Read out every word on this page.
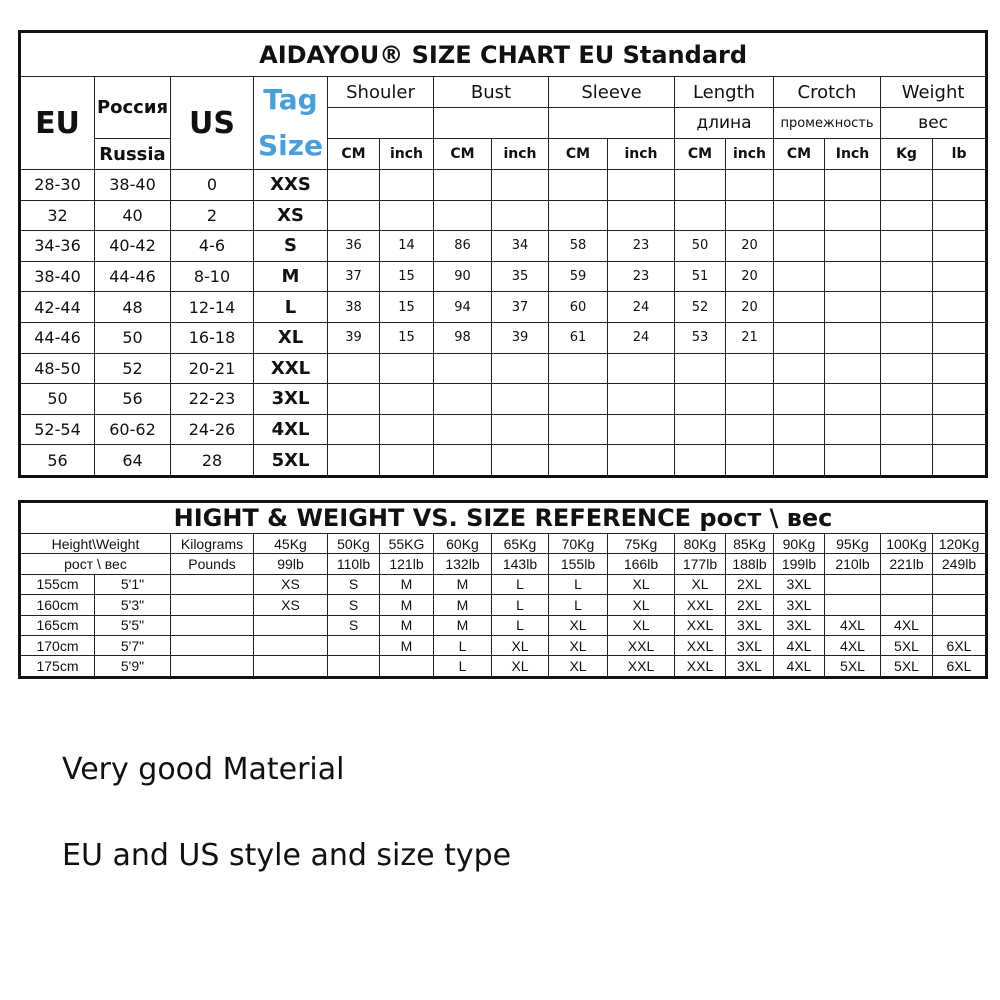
AIDAYOU® SIZE CHART EU Standard															
EU	Россия	US	Tag
Size	Shouler		Bust		Sleeve		Length		Crotch		Weight	
										длина		промежность		вес	
	Russia			CM	inch	CM	inch	CM	inch	CM	inch	CM	Inch	Kg	lb
28-30	38-40	0	XXS												
32	40	2	XS												
34-36	40-42	4-6	S	36	14	86	34	58	23	50	20				
38-40	44-46	8-10	M	37	15	90	35	59	23	51	20				
42-44	48	12-14	L	38	15	94	37	60	24	52	20				
44-46	50	16-18	XL	39	15	98	39	61	24	53	21				
48-50	52	20-21	XXL												
50	56	22-23	3XL												
52-54	60-62	24-26	4XL												
56	64	28	5XL												
HIGHT & WEIGHT VS. SIZE REFERENCE рост \ вес															
Height\Weight		Kilograms	45Kg	50Kg	55KG	60Kg	65Kg	70Kg	75Kg	80Kg	85Kg	90Kg	95Kg	100Kg	120Kg
рост \ вес		Pounds	99lb	110lb	121lb	132lb	143lb	155lb	166lb	177lb	188lb	199lb	210lb	221lb	249lb
155cm	5'1"		XS	S	M	M	L	L	XL	XL	2XL	3XL			
160cm	5'3"		XS	S	M	M	L	L	XL	XXL	2XL	3XL			
165cm	5'5"			S	M	M	L	XL	XL	XXL	3XL	3XL	4XL	4XL	
170cm	5'7"				M	L	XL	XL	XXL	XXL	3XL	4XL	4XL	5XL	6XL
175cm	5'9"					L	XL	XL	XXL	XXL	3XL	4XL	5XL	5XL	6XL

Very good Material

EU and US style and size type
